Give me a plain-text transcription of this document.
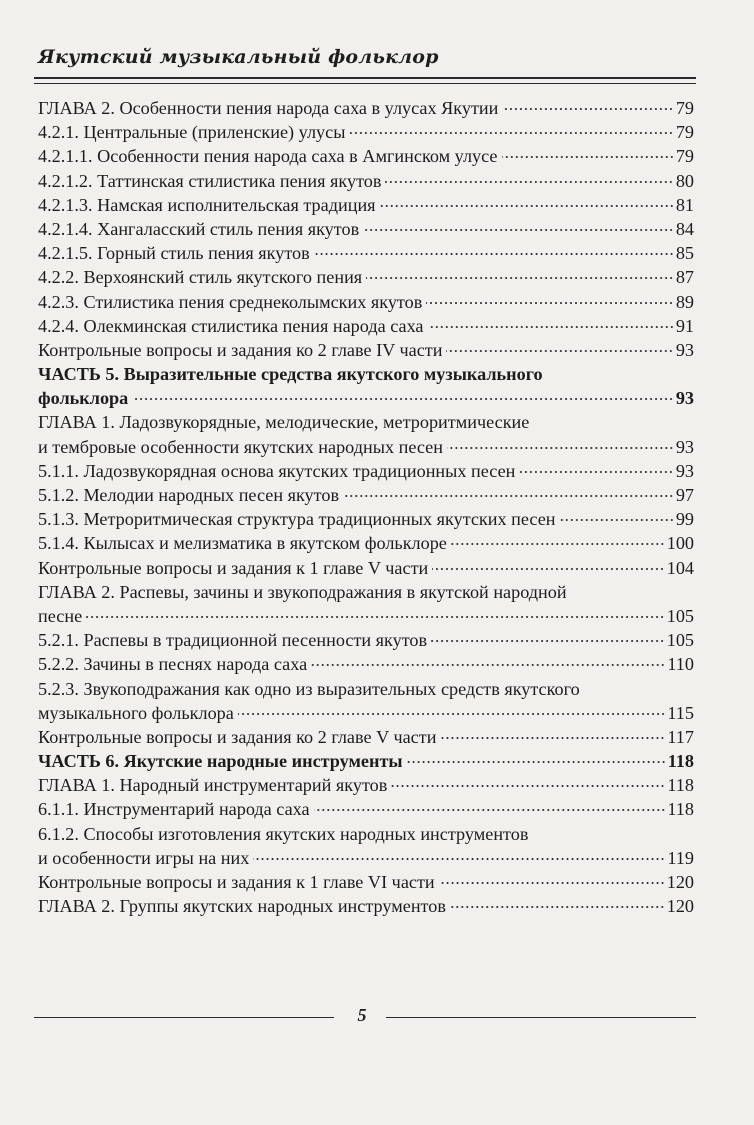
Якутский музыкальный фольклор
ГЛАВА 2. Особенности пения народа саха в улусах Якутии	79
4.2.1. Центральные (приленские) улусы	79
4.2.1.1. Особенности пения народа саха в Амгинском улусе	79
4.2.1.2. Таттинская стилистика пения якутов	80
4.2.1.3. Намская исполнительская традиция	81
4.2.1.4. Хангаласский стиль пения якутов	84
4.2.1.5. Горный стиль пения якутов	85
4.2.2. Верхоянский стиль якутского пения	87
4.2.3. Стилистика пения среднеколымских якутов	89
4.2.4. Олекминская стилистика пения народа саха	91
Контрольные вопросы и задания ко 2 главе IV части	93
ЧАСТЬ 5. Выразительные средства якутского музыкального
фольклора	93
ГЛАВА 1. Ладозвукорядные, мелодические, метроритмические
и тембровые особенности якутских народных песен	93
5.1.1. Ладозвукорядная основа якутских традиционных песен	93
5.1.2. Мелодии народных песен якутов	97
5.1.3. Метроритмическая структура традиционных якутских песен	99
5.1.4. Кылысах и мелизматика в якутском фольклоре	100
Контрольные вопросы и задания к 1 главе V части	104
ГЛАВА 2. Распевы, зачины и звукоподражания в якутской народной
песне	105
5.2.1. Распевы в традиционной песенности якутов	105
5.2.2. Зачины в песнях народа саха	110
5.2.3. Звукоподражания как одно из выразительных средств якутского
музыкального фольклора	115
Контрольные вопросы и задания ко 2 главе V части	117
ЧАСТЬ 6. Якутские народные инструменты	118
ГЛАВА 1. Народный инструментарий якутов	118
6.1.1. Инструментарий народа саха	118
6.1.2. Способы изготовления якутских народных инструментов
и особенности игры на них	119
Контрольные вопросы и задания к 1 главе VI части	120
ГЛАВА 2. Группы якутских народных инструментов	120
5
